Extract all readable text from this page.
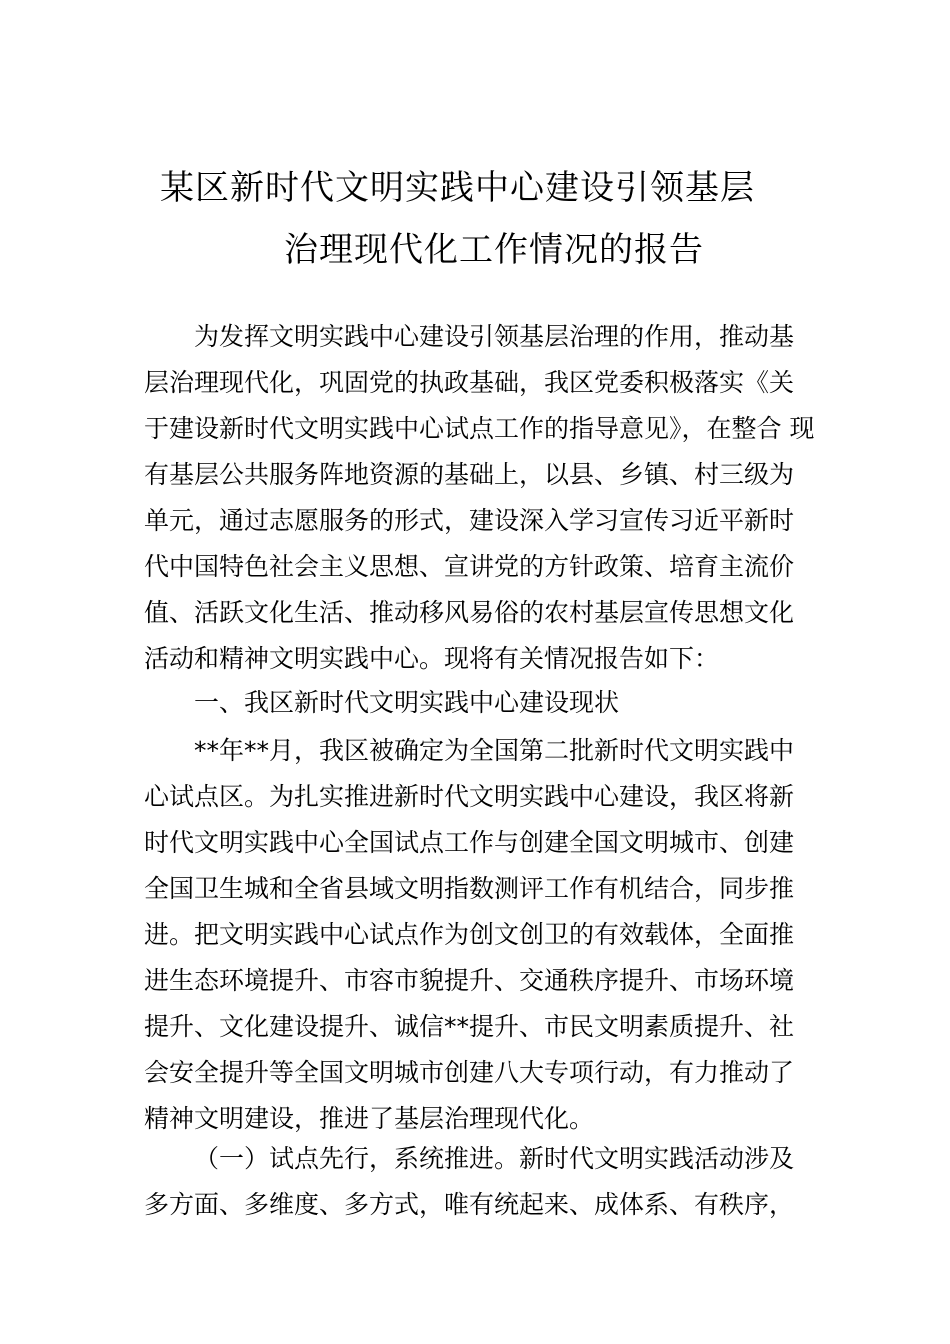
某区新时代文明实践中心建设引领基层
治理现代化工作情况的报告
为发挥文明实践中心建设引领基层治理的作用，推动基
层治理现代化，巩固党的执政基础，我区党委积极落实《关
于建设新时代文明实践中心试点工作的指导意见》，在整合 现
有基层公共服务阵地资源的基础上，以县、乡镇、村三级为
单元，通过志愿服务的形式，建设深入学习宣传习近平新时
代中国特色社会主义思想、宣讲党的方针政策、培育主流价
值、活跃文化生活、推动移风易俗的农村基层宣传思想文化
活动和精神文明实践中心。现将有关情况报告如下：
一、我区新时代文明实践中心建设现状
**年**月，我区被确定为全国第二批新时代文明实践中
心试点区。为扎实推进新时代文明实践中心建设，我区将新
时代文明实践中心全国试点工作与创建全国文明城市、创建
全国卫生城和全省县域文明指数测评工作有机结合，同步推
进。把文明实践中心试点作为创文创卫的有效载体，全面推
进生态环境提升、市容市貌提升、交通秩序提升、市场环境
提升、文化建设提升、诚信**提升、市民文明素质提升、社
会安全提升等全国文明城市创建八大专项行动，有力推动了
精神文明建设，推进了基层治理现代化。
（一）试点先行，系统推进。新时代文明实践活动涉及
多方面、多维度、多方式，唯有统起来、成体系、有秩序，
